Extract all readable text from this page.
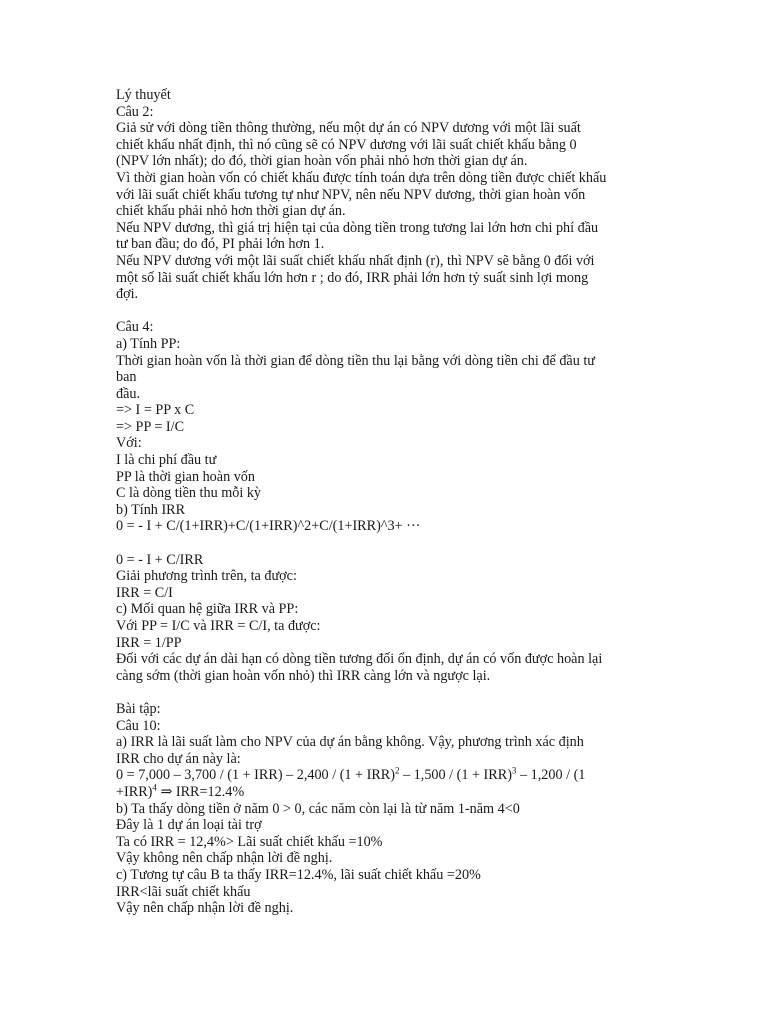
Lý thuyết
Câu 2:
Giả sử với dòng tiền thông thường, nếu một dự án có NPV dương với một lãi suất
chiết khấu nhất định, thì nó cũng sẽ có NPV dương với lãi suất chiết khấu bằng 0
(NPV lớn nhất); do đó, thời gian hoàn vốn phải nhỏ hơn thời gian dự án.
Vì thời gian hoàn vốn có chiết khấu được tính toán dựa trên dòng tiền được chiết khấu
với lãi suất chiết khấu tương tự như NPV, nên nếu NPV dương, thời gian hoàn vốn
chiết khấu phải nhỏ hơn thời gian dự án.
Nếu NPV dương, thì giá trị hiện tại của dòng tiền trong tương lai lớn hơn chi phí đầu
tư ban đầu; do đó, PI phải lớn hơn 1.
Nếu NPV dương với một lãi suất chiết khấu nhất định (r), thì NPV sẽ bằng 0 đối với
một số lãi suất chiết khấu lớn hơn r ; do đó, IRR phải lớn hơn tỷ suất sinh lợi mong
đợi.
Câu 4:
a) Tính PP:
Thời gian hoàn vốn là thời gian để dòng tiền thu lại bằng với dòng tiền chi để đầu tư
ban
đầu.
=> I = PP x C
=> PP = I/C
Với:
I là chi phí đầu tư
PP là thời gian hoàn vốn
C là dòng tiền thu mỗi kỳ
b) Tính IRR
0 = - I + C/(1+IRR)+C/(1+IRR)^2+C/(1+IRR)^3+ ···
0 = - I + C/IRR
Giải phương trình trên, ta được:
IRR = C/I
c) Mối quan hệ giữa IRR và PP:
Với PP = I/C và IRR = C/I, ta được:
IRR = 1/PP
Đối với các dự án dài hạn có dòng tiền tương đối ổn định, dự án có vốn được hoàn lại
càng sớm (thời gian hoàn vốn nhỏ) thì IRR càng lớn và ngược lại.
Bài tập:
Câu 10:
a) IRR là lãi suất làm cho NPV của dự án bằng không. Vậy, phương trình xác định
IRR cho dự án này là:
0 = 7,000 – 3,700 / (1 + IRR) – 2,400 / (1 + IRR)$^2$ – 1,500 / (1 + IRR)$^3$ – 1,200 / (1
+IRR)$^4$ ⇒ IRR=12.4%
b) Ta thấy dòng tiền ở năm 0 > 0, các năm còn lại là từ năm 1-năm 4<0
Đây là 1 dự án loại tài trợ
Ta có IRR = 12,4%> Lãi suất chiết khấu =10%
Vậy không nên chấp nhận lời đề nghị.
c) Tương tự câu B ta thấy IRR=12.4%, lãi suất chiết khấu =20%
IRR<lãi suất chiết khấu
Vậy nên chấp nhận lời đề nghị.
